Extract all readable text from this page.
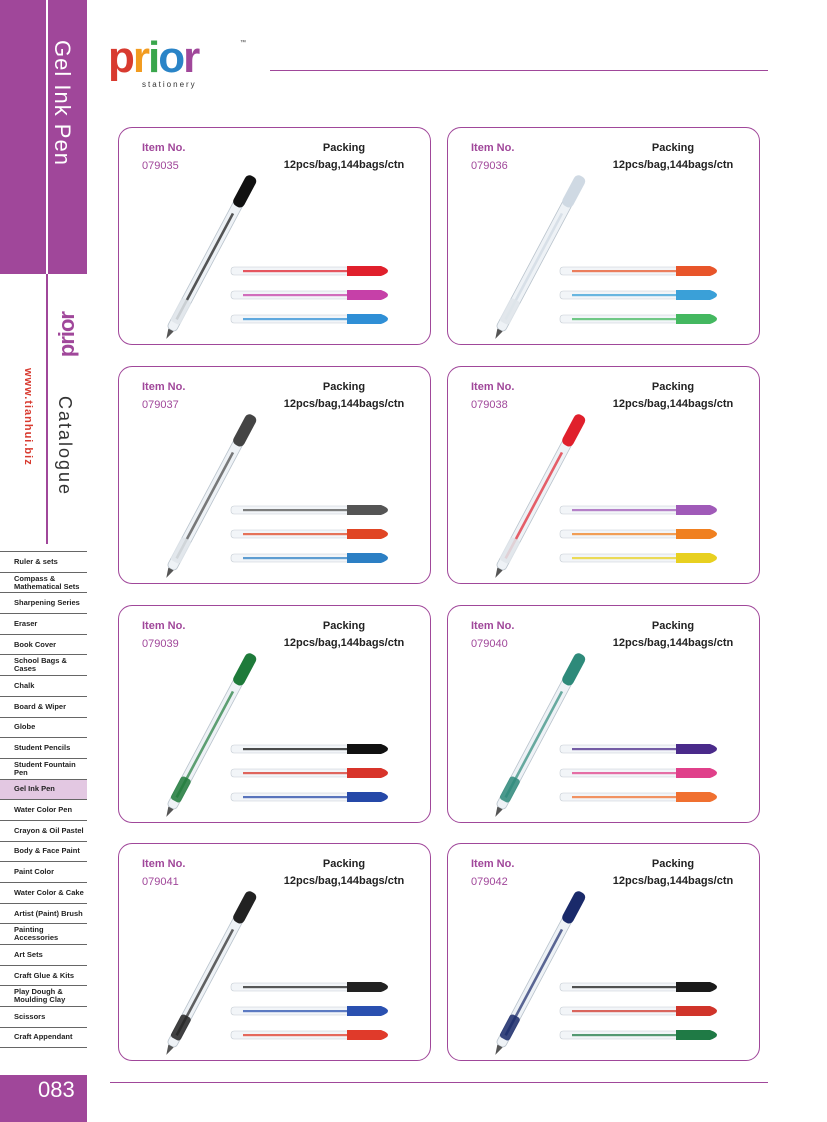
Gel Ink Pen
prior
www.tianhui.biz Catalogue
Ruler & sets
Compass & Mathematical Sets
Sharpening Series
Eraser
Book Cover
School Bags & Cases
Chalk
Board & Wiper
Globe
Student Pencils
Student Fountain Pen
Gel Ink Pen
Water Color Pen
Crayon & Oil Pastel
Body & Face Paint
Paint Color
Water Color & Cake
Artist (Paint) Brush
Painting Accessories
Art Sets
Craft Glue & Kits
Play Dough & Moulding Clay
Scissors
Craft Appendant
083
prior	™
stationery
Item No.
079035
Packing
12pcs/bag,144bags/ctn
Item No.
079036
Packing
12pcs/bag,144bags/ctn
Item No.
079037
Packing
12pcs/bag,144bags/ctn
Item No.
079038
Packing
12pcs/bag,144bags/ctn
Item No.
079039
Packing
12pcs/bag,144bags/ctn
Item No.
079040
Packing
12pcs/bag,144bags/ctn
Item No.
079041
Packing
12pcs/bag,144bags/ctn
Item No.
079042
Packing
12pcs/bag,144bags/ctn
